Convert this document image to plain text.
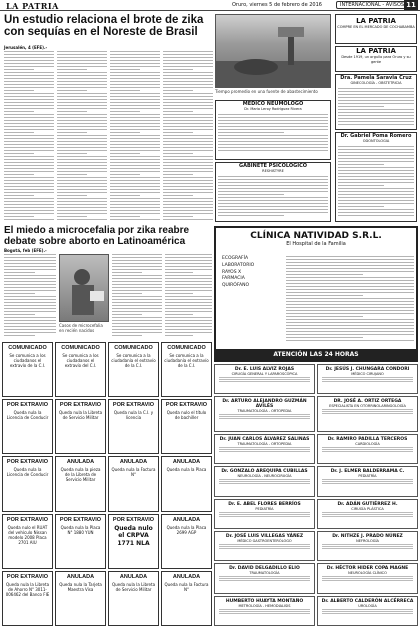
LA PATRIA	Oruro, viernes 5 de febrero de 2016	INTERNACIONAL - AVISOS 11
Un estudio relaciona el brote de zika con sequías en el Noreste de Brasil
Jerusalén, 4 (EFE).-
Tiempo promedio en una fuente de abastecimiento
LA PATRIA
COMPRE EN EL MERCADO DE COCHABAMBA
LA PATRIA
Desde 1919, un orgullo para Oruro y su gente
Dra. Pamela Saravia Cruz
GINECOLOGÍA - OBSTETRICIA
MEDICO NEUMOLOGO
Dr. Mario Leroy Rodríguez Rivera
GABINETE PSICOLOGICO
RESHISTYRE
Dr. Gabriel Poma Romero
ODONTOLOGIA
El miedo a microcefalia por zika reabre debate sobre aborto en Latinoamérica
Bogotá, feb (EFE).-
Casos de microcefalia en recién nacidos
CLÍNICA NATIVIDAD S.R.L.
El Hospital de la Familia
ECOGRAFÍA
LABORATORIO
RAYOS X
FARMACIA
QUIRÓFANO
ATENCIÓN LAS 24 HORAS
COMUNICADO

Se comunica a los ciudadanos el extravío de la C.I.

COMUNICADO

Se comunica a los ciudadanos el extravío del C.I.

COMUNICADO

Se comunica a la ciudadanía el extravío de la C.I.

COMUNICADO

Se comunica a la ciudadanía el extravío de la C.I.

POR EXTRAVIO

Queda nula la Licencia de Conducir

POR EXTRAVIO

Queda nula la Libreta de Servicio Militar

POR EXTRAVIO

Queda nula la C.I. y licencia

POR EXTRAVIO

Queda nulo el título de bachiller

POR EXTRAVIO

Queda nula la Licencia de Conducir

ANULADA

Queda nula la pieza de la Libreta de Servicio Militar

ANULADA

Queda nula la Factura N°

ANULADA

Queda nula la Placa

POR EXTRAVIO

Queda nulo el RUAT del vehículo Nissan modelo 2008 Placa 2701 AIU

POR EXTRAVIO

Queda nula la Placa N° 1880 YUN

POR EXTRAVIO

Queda nulo el CRPVA 1771 NLA

ANULADA

Queda nula la Placa 2699 AGP

POR EXTRAVIO

Queda nula la Libreta de Ahorro N° 3011-006462 del Banco FIE

ANULADA

Queda nula la Tarjeta Maestra Visa

ANULADA

Queda nula la Libreta de Servicio Militar

ANULADA

Queda nula la Factura N°

Dr. E. LUIS ALVIZ ROJAS
CIRUGÍA GENERAL Y LAPAROSCÓPICA
Dr. JESÚS J. CHUNGARA CONDORI
MÉDICO CIRUJANO
Dr. ARTURO ALEJANDRO GUZMÁN AVILÉS
TRAUMATOLOGÍA - ORTOPEDIA
DR. JOSÉ A. ORTIZ ORTEGA
ESPECIALISTA EN OTORRINOLARINGOLOGÍA
Dr. JUAN CARLOS ÁLVAREZ SALINAS
TRAUMATOLOGÍA - ORTOPEDIA
Dr. RAMIRO PADILLA TERCEROS
CARDIOLOGÍA
Dr. GONZALO AREQUIPA CUBILLAS
NEUROLOGÍA - NEUROCIRUGÍA
Dr. J. ELMER BALDERRAMA C.
PEDIATRÍA
Dr. E. ABEL FLORES BERRÍOS
PEDIATRÍA
Dr. ADÁN GUTIÉRREZ H.
CIRUGÍA PLÁSTICA
Dr. JOSÉ LUIS VILLEGAS YÁÑEZ
MÉDICO GASTROENTERÓLOGO
Dr. NITHZE J. PRADO NÚÑEZ
NEFROLOGÍA
Dr. DAVID DELGADILLO ELIO
TRAUMATOLOGÍA
Dr. HÉCTOR HIDER COPA MAGNE
NEUROLOGÍA CLÍNICO
HUMBERTO HUAYTA MONTAÑO
METROLOGÍA - HEMODIALISIS
Dr. ALBERTO CALDERÓN ALCÉRRECA
UROLOGÍA
